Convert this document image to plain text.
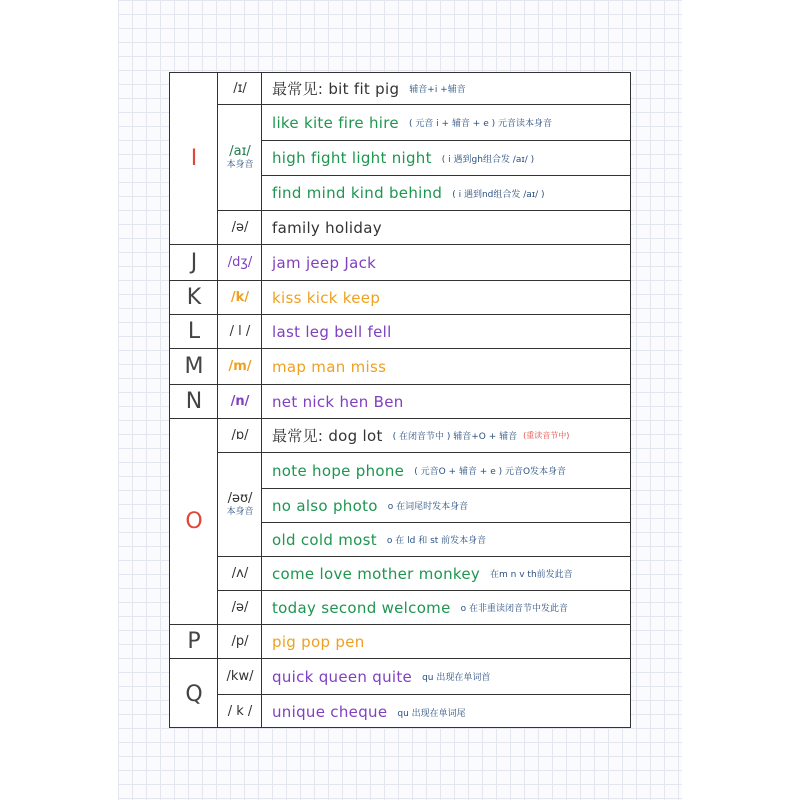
I
J
K
L
M
N
O
P
Q
/ɪ/
/aɪ/
本身音
/ə/
/dʒ/
/k/
/ l /
/m/
/n/
/ɒ/
/əʊ/
本身音
/ʌ/
/ə/
/p/
/kw/
/ k /
最常见: bit fit pig 辅音+i +辅音
like kite fire hire ( 元音 i + 辅音 + e ) 元音读本身音
high fight light night ( i 遇到gh组合发 /aɪ/ )
find mind kind behind ( i 遇到nd组合发 /aɪ/ )
family holiday
jam jeep Jack
kiss kick keep
last leg bell fell
map man miss
net nick hen Ben
最常见: dog lot ( 在闭音节中 ) 辅音+O + 辅音 (重读音节中)
note hope phone ( 元音O + 辅音 + e ) 元音O发本身音
no also photo o 在词尾时发本身音
old cold most o 在 ld 和 st 前发本身音
come love mother monkey 在m n v th前发此音
today second welcome o 在非重读闭音节中发此音
pig pop pen
quick queen quite qu 出现在单词首
unique cheque qu 出现在单词尾
